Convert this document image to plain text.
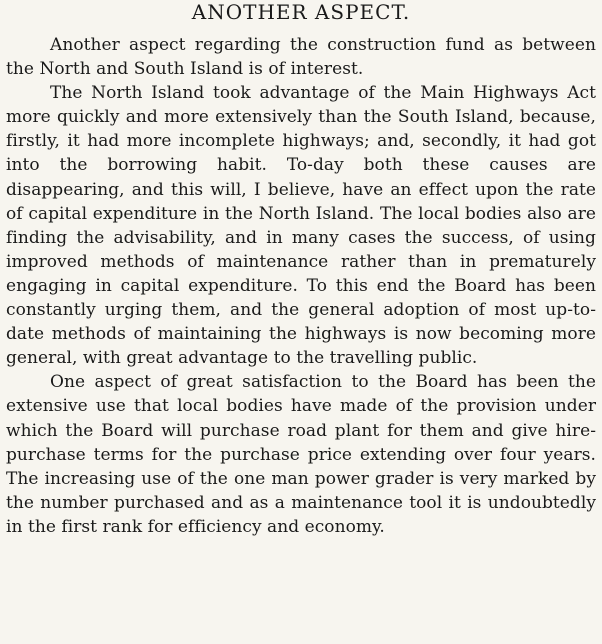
ANOTHER ASPECT.

Another aspect regarding the construction fund as between the North and South Island is of interest.

The North Island took advantage of the Main Highways Act more quickly and more extensively than the South Island, because, firstly, it had more incomplete highways; and, secondly, it had got into the borrowing habit. To-day both these causes are disappearing, and this will, I believe, have an effect upon the rate of capital expenditure in the North Island. The local bodies also are finding the advisability, and in many cases the success, of using improved methods of maintenance rather than in prematurely engaging in capital expenditure. To this end the Board has been constantly urging them, and the general adoption of most up-to-date methods of maintaining the highways is now becoming more general, with great advantage to the travelling public.

One aspect of great satisfaction to the Board has been the extensive use that local bodies have made of the provision under which the Board will purchase road plant for them and give hire-purchase terms for the purchase price extending over four years. The increasing use of the one man power grader is very marked by the number purchased and as a maintenance tool it is undoubtedly in the first rank for efficiency and economy.
